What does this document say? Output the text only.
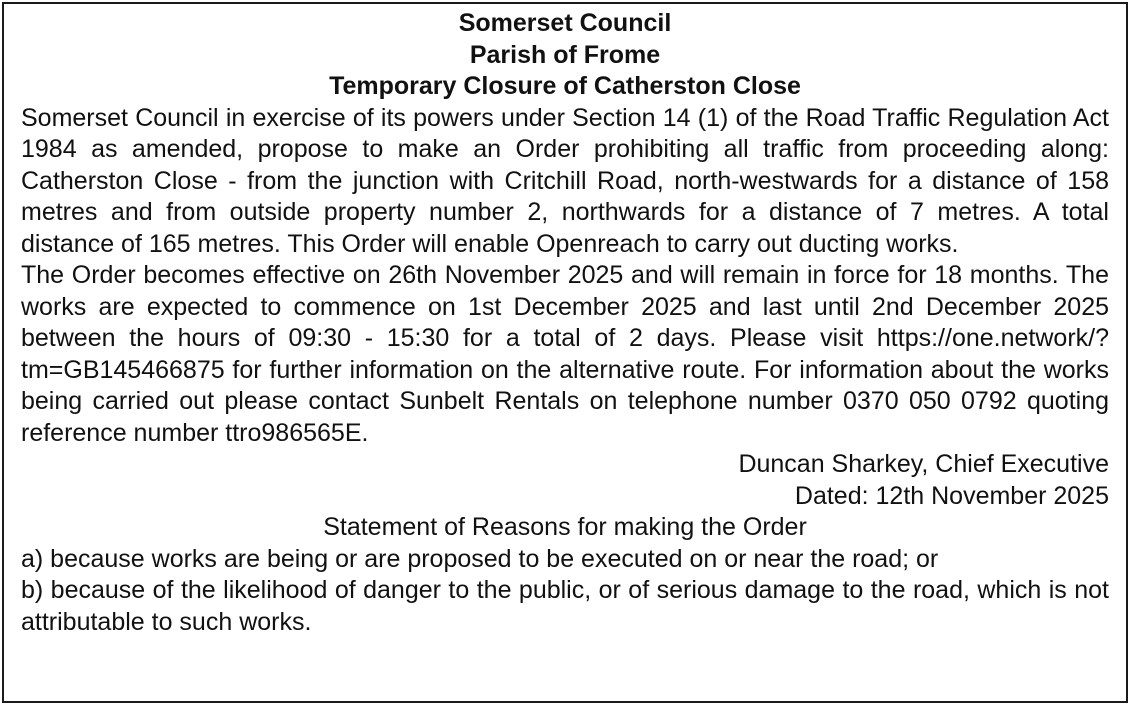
Somerset Council
Parish of Frome
Temporary Closure of Catherston Close

Somerset Council in exercise of its powers under Section 14 (1) of the Road Traffic Regulation Act 1984 as amended, propose to make an Order prohibiting all traffic from proceeding along: Catherston Close - from the junction with Critchill Road, north-westwards for a distance of 158 metres and from outside property number 2, northwards for a distance of 7 metres. A total distance of 165 metres. This Order will enable Openreach to carry out ducting works.

The Order becomes effective on 26th November 2025 and will remain in force for 18 months. The works are expected to commence on 1st December 2025 and last until 2nd December 2025 between the hours of 09:30 - 15:30 for a total of 2 days. Please visit https://one.network/?tm=GB145466875 for further information on the alternative route. For information about the works being carried out please contact Sunbelt Rentals on telephone number 0370 050 0792 quoting reference number ttro986565E.

Duncan Sharkey, Chief Executive

Dated: 12th November 2025

Statement of Reasons for making the Order

a) because works are being or are proposed to be executed on or near the road; or

b) because of the likelihood of danger to the public, or of serious damage to the road, which is not attributable to such works.
